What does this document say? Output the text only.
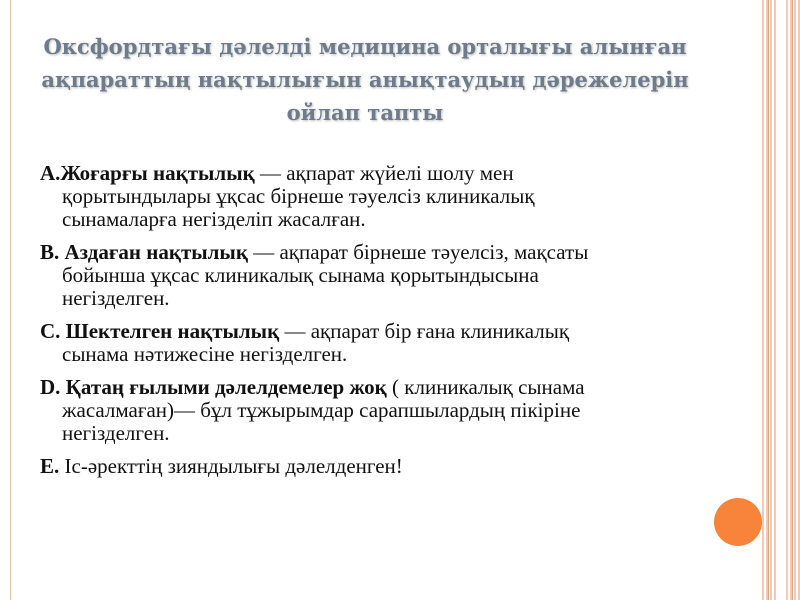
Оксфордтағы дәлелді медицина орталығы алынған
ақпараттың нақтылығын анықтаудың дәрежелерін
ойлап тапты
А.Жоғарғы нақтылық — ақпарат жүйелі шолу мен
қорытындылары ұқсас бірнеше тәуелсіз клиникалық
сынамаларға негізделіп жасалған.
В. Аздаған нақтылық — ақпарат бірнеше тәуелсіз, мақсаты
бойынша ұқсас клиникалық сынама қорытындысына
негізделген.
С. Шектелген нақтылық — ақпарат бір ғана клиникалық
сынама нәтижесіне негізделген.
D. Қатаң ғылыми дәлелдемелер жоқ ( клиникалық сынама
жасалмаған)— бұл тұжырымдар сарапшылардың пікіріне
негізделген.
Е. Іс-әректтің зияндылығы дәлелденген!
